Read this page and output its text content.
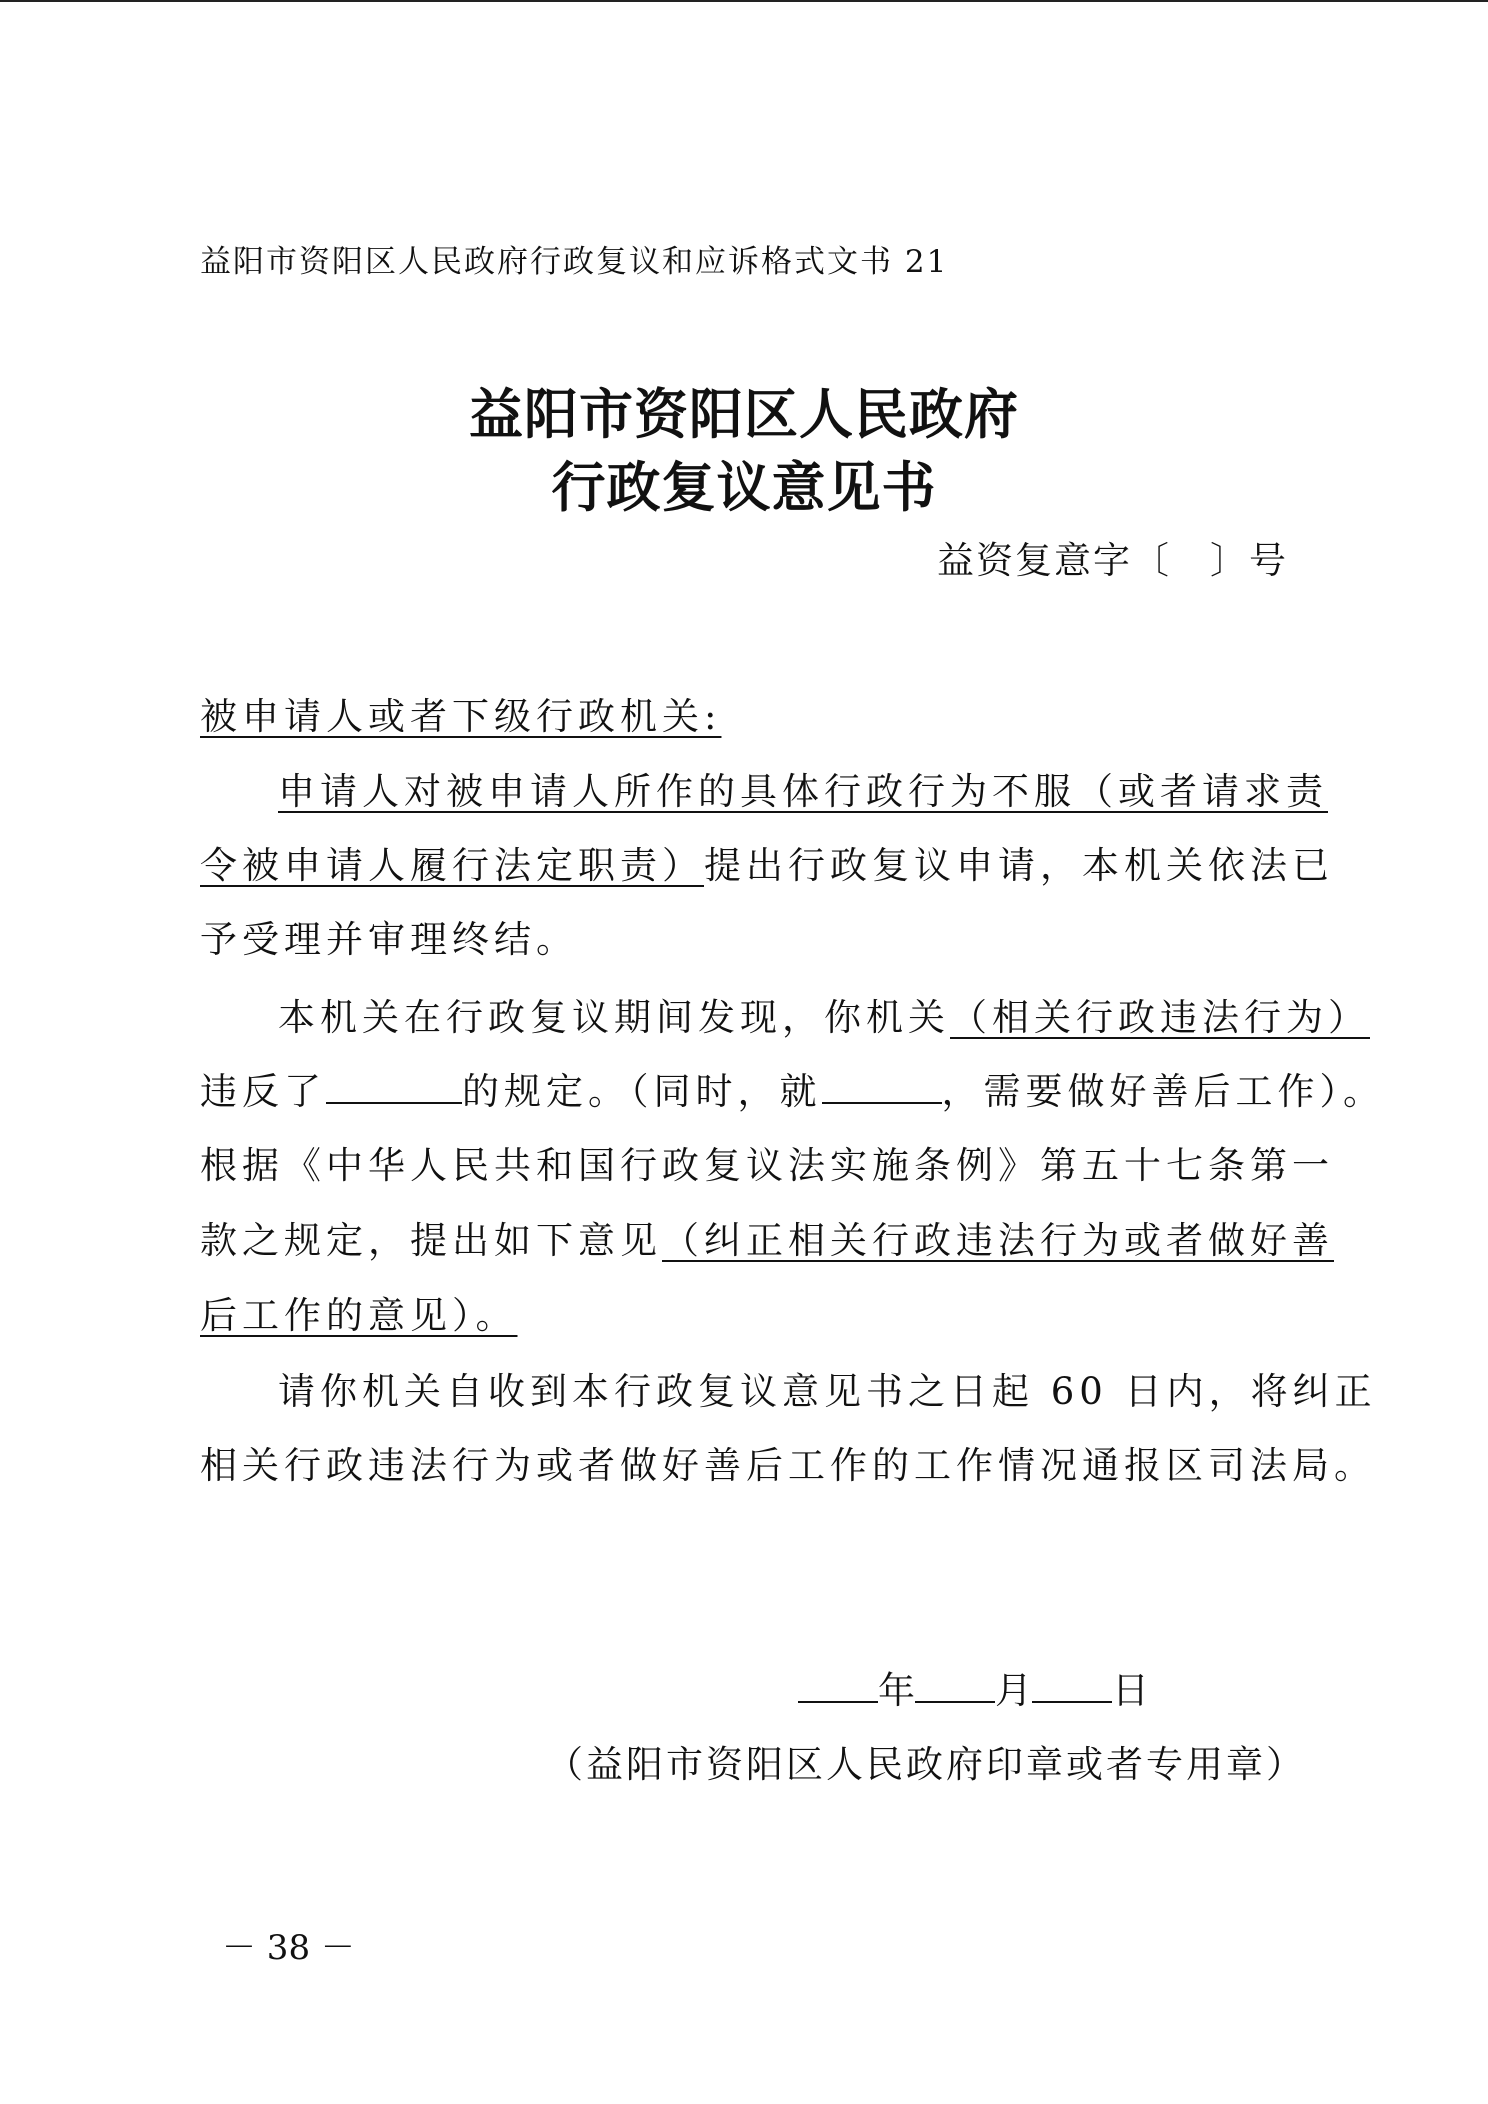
益阳市资阳区人民政府行政复议和应诉格式文书 21
益阳市资阳区人民政府
行政复议意见书
益资复意字〔　〕号
被申请人或者下级行政机关:
申请人对被申请人所作的具体行政行为不服（或者请求责
令被申请人履行法定职责）提出行政复议申请，本机关依法已
予受理并审理终结。
本机关在行政复议期间发现，你机关（相关行政违法行为）
违反了	的规定。（同时，就	，需要做好善后工作）。
根据《中华人民共和国行政复议法实施条例》第五十七条第一
款之规定，提出如下意见（纠正相关行政违法行为或者做好善
后工作的意见）。
请你机关自收到本行政复议意见书之日起 60 日内，将纠正
相关行政违法行为或者做好善后工作的工作情况通报区司法局。
年 月 日
（益阳市资阳区人民政府印章或者专用章）
－ 38 －
